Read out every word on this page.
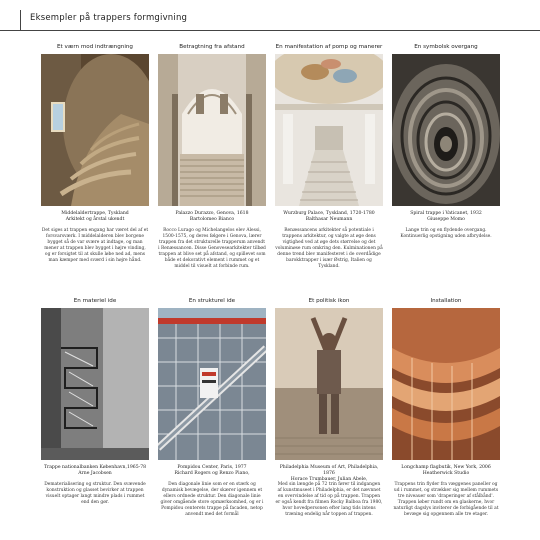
Eksempler på trappers formgivning
Et værn mod indtrængning
Middelaldertrappe, Tyskland
Arkitekt og årstal ukendt
Det siges at trappen engang har været del af et forsvarsværk. I middelalderen blev borgene bygget så de var svære at indtage, og man mener at trappen blev bygget i højre vinding, og er forsigtet til at skulle løbe ned ad, mens man kæmper med sværd i sin højre hånd.
Betragtning fra afstand
Palazzo Durazzo, Genova, 1618
Bartolomeo Bianco
Rocco Lurago og Michelangelos elev Alessi, 1500-1575, og deres følgere i Genova, lærer trappen fra det strukturelle trapperum anvendt i Renæssancen. Disse Genovesearkitekter tilbød trappen at blive set på afstand, og spillevet som både et dekorativt element i rummet og et middel til visuelt at forbinde rum.
En manifestation af pomp og manerer
Wurzburg Palace, Tyskland, 1720-1780
Balthasar Neumann
Renæssancens arkitekter så potentiale i trappens arkitektur, og valgte at øge dens vigtighed ved at øge dets størrelse og det voluminøse rum omkring den. Kulminationen på denne trend blev manifesteret i de overdådige barokktrapper i især Østrig, Italien og Tyskland.
En symbolsk overgang
Spiral trappe i Vaticanet, 1932
Giuseppe Momo
Lange trin og en flydende overgang. Kontinuerlig opstigning uden afbrydelse.
En materiel ide
Trappe nationalbanken København,1965-78
Arne Jacobsen
Dematerialisering og struktur. Den svævende konstruktion og glasset bevirker at trappen visuelt optager langt mindre plads i rummet end den gør.
En strukturel ide
Pompidou Center, Paris, 1977
Richard Rogers og Renzo Piano,
Den diagonale linie som er en stærk og dynamisk bevægelse, der skærer igennem et ellers ordnede struktur. Den diagonale linie giver omgående store opmærksomhed, og er i Pompidou centerets trappe på facaden, netop anvendt med det formål
Et politisk ikon
Philadelphia Museum of Art, Philadelphia, 1876
Horace Trumbauer, Julian Abele,
Med sin længde på 72 trin fører til indgangen af kunstmuseet i Philadelphia, er det nævnnet en overvindelse af tid op på trappen. Trappen er også kendt fra filmen Rocky Balboa fra 1980, hvor hovedpersonen efter lang tids intens træning endelig når toppen af trappen.
Installation
Longchamp flagbutik, New York, 2006
Heatherwick Studio
Trappens trin flyder fra væggenes paneller og ud i rummet, og strækker sig mellem rummets tre niveauer som 'draperinger af stålbånd'. Trappen løber rundt om en glaskerne, hvor naturligt dagslys inviterer de forbigående til at bevæge sig opgennem alle tre etager.
